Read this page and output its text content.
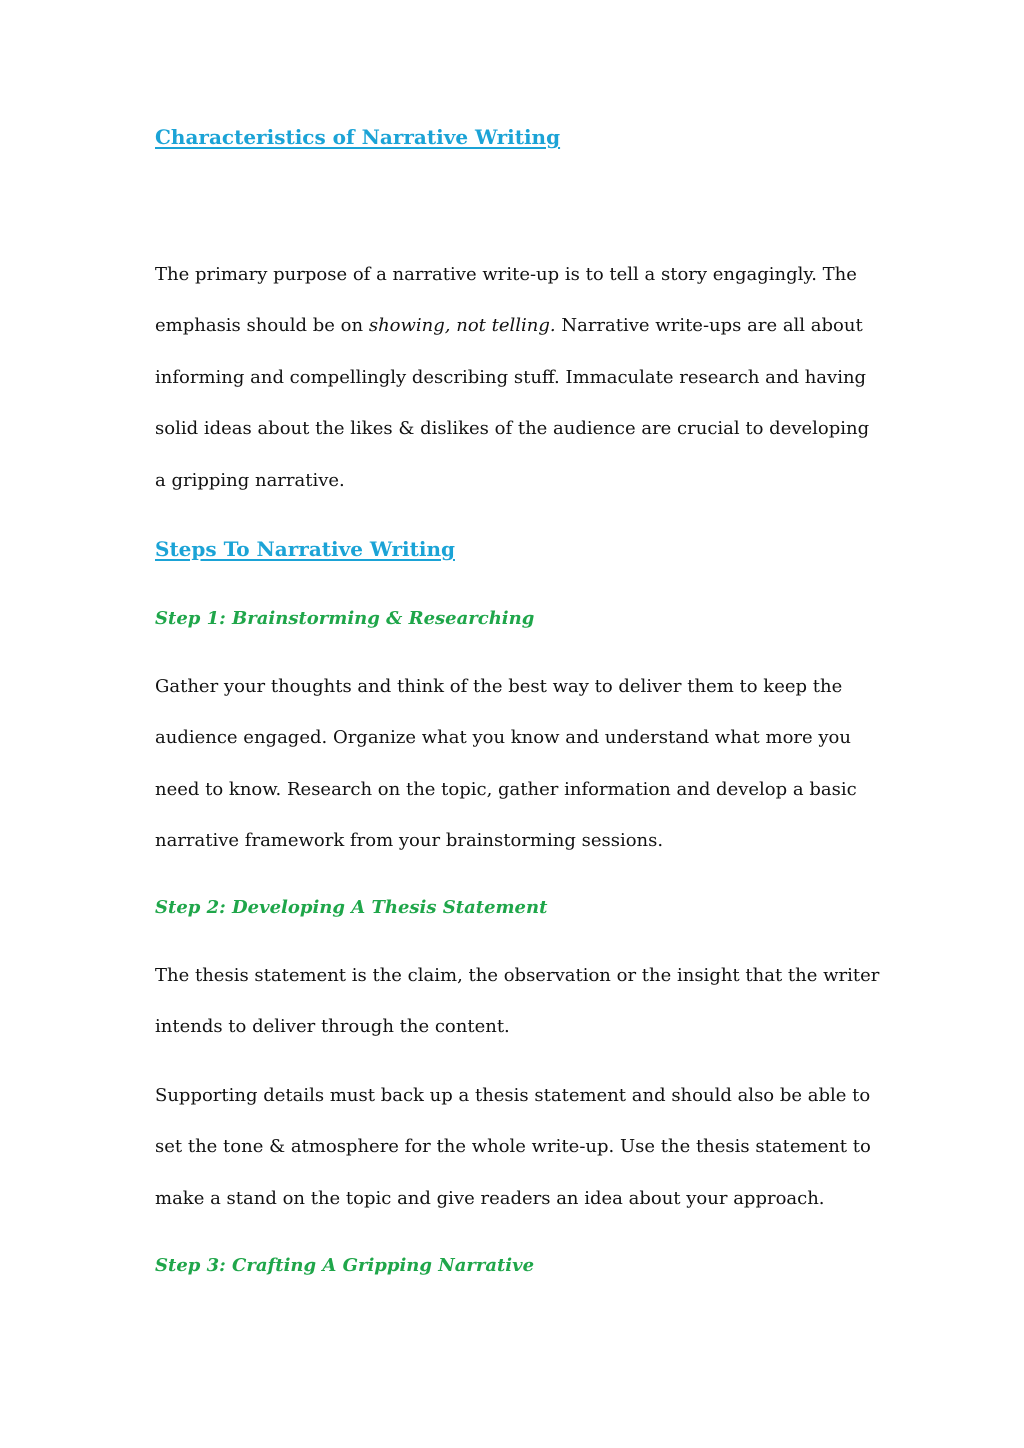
Characteristics of Narrative Writing
The primary purpose of a narrative write-up is to tell a story engagingly. The
emphasis should be on showing, not telling. Narrative write-ups are all about
informing and compellingly describing stuff. Immaculate research and having
solid ideas about the likes & dislikes of the audience are crucial to developing
a gripping narrative.
Steps To Narrative Writing
Step 1: Brainstorming & Researching
Gather your thoughts and think of the best way to deliver them to keep the
audience engaged. Organize what you know and understand what more you
need to know. Research on the topic, gather information and develop a basic
narrative framework from your brainstorming sessions.
Step 2: Developing A Thesis Statement
The thesis statement is the claim, the observation or the insight that the writer
intends to deliver through the content.
Supporting details must back up a thesis statement and should also be able to
set the tone & atmosphere for the whole write-up. Use the thesis statement to
make a stand on the topic and give readers an idea about your approach.
Step 3: Crafting A Gripping Narrative
